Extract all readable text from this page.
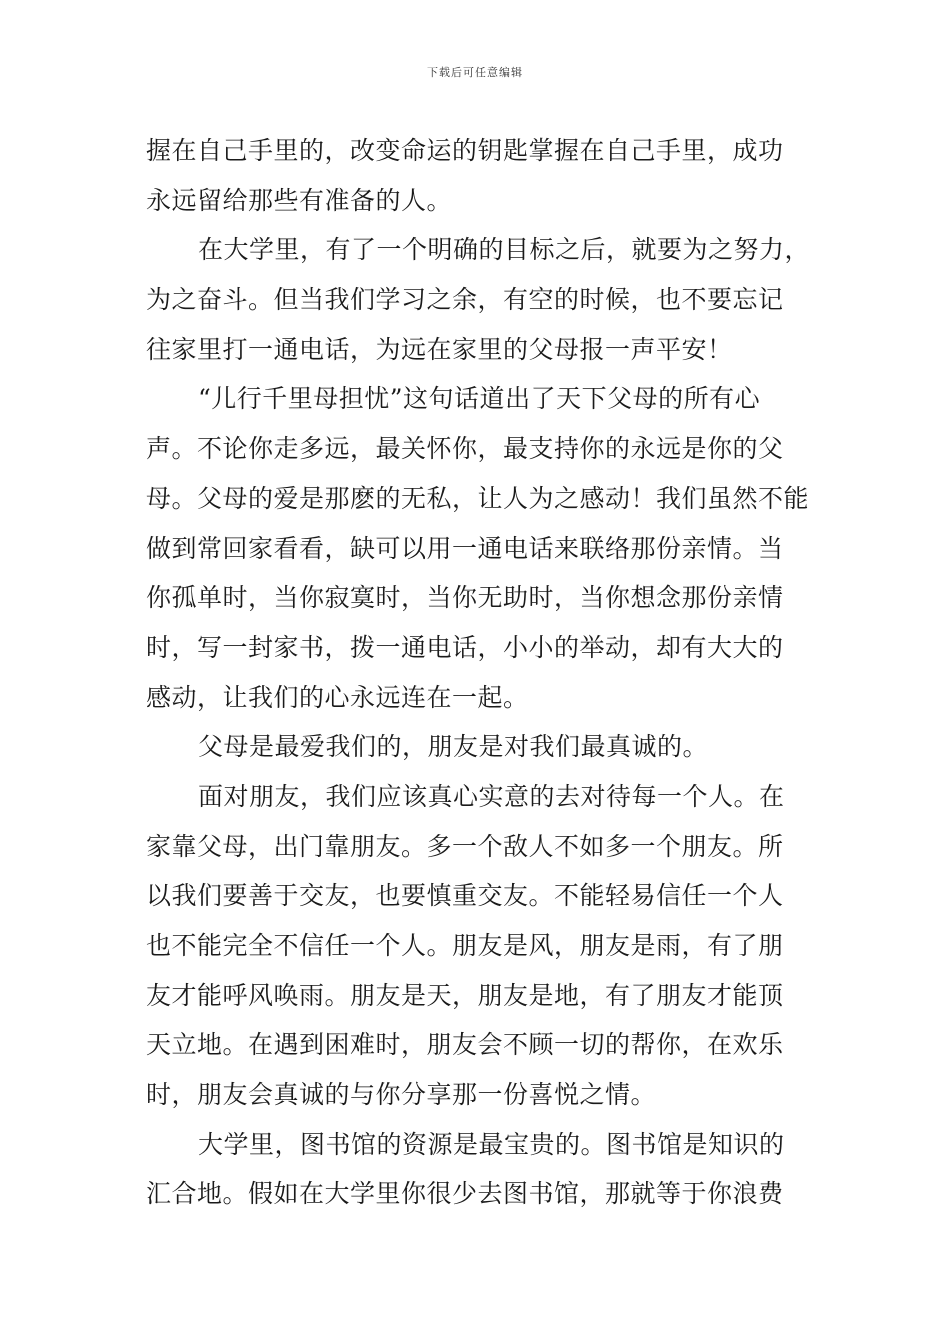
下载后可任意编辑
握在自己手里的，改变命运的钥匙掌握在自己手里，成功
永远留给那些有准备的人。
在大学里，有了一个明确的目标之后，就要为之努力，
为之奋斗。但当我们学习之余，有空的时候，也不要忘记
往家里打一通电话，为远在家里的父母报一声平安！
“儿行千里母担忧”这句话道出了天下父母的所有心
声。不论你走多远，最关怀你，最支持你的永远是你的父
母。父母的爱是那麽的无私，让人为之感动！我们虽然不能
做到常回家看看，缺可以用一通电话来联络那份亲情。当
你孤单时，当你寂寞时，当你无助时，当你想念那份亲情
时，写一封家书，拨一通电话，小小的举动，却有大大的
感动，让我们的心永远连在一起。
父母是最爱我们的，朋友是对我们最真诚的。
面对朋友，我们应该真心实意的去对待每一个人。在
家靠父母，出门靠朋友。多一个敌人不如多一个朋友。所
以我们要善于交友，也要慎重交友。不能轻易信任一个人
也不能完全不信任一个人。朋友是风，朋友是雨，有了朋
友才能呼风唤雨。朋友是天，朋友是地，有了朋友才能顶
天立地。在遇到困难时，朋友会不顾一切的帮你，在欢乐
时，朋友会真诚的与你分享那一份喜悦之情。
大学里，图书馆的资源是最宝贵的。图书馆是知识的
汇合地。假如在大学里你很少去图书馆，那就等于你浪费
